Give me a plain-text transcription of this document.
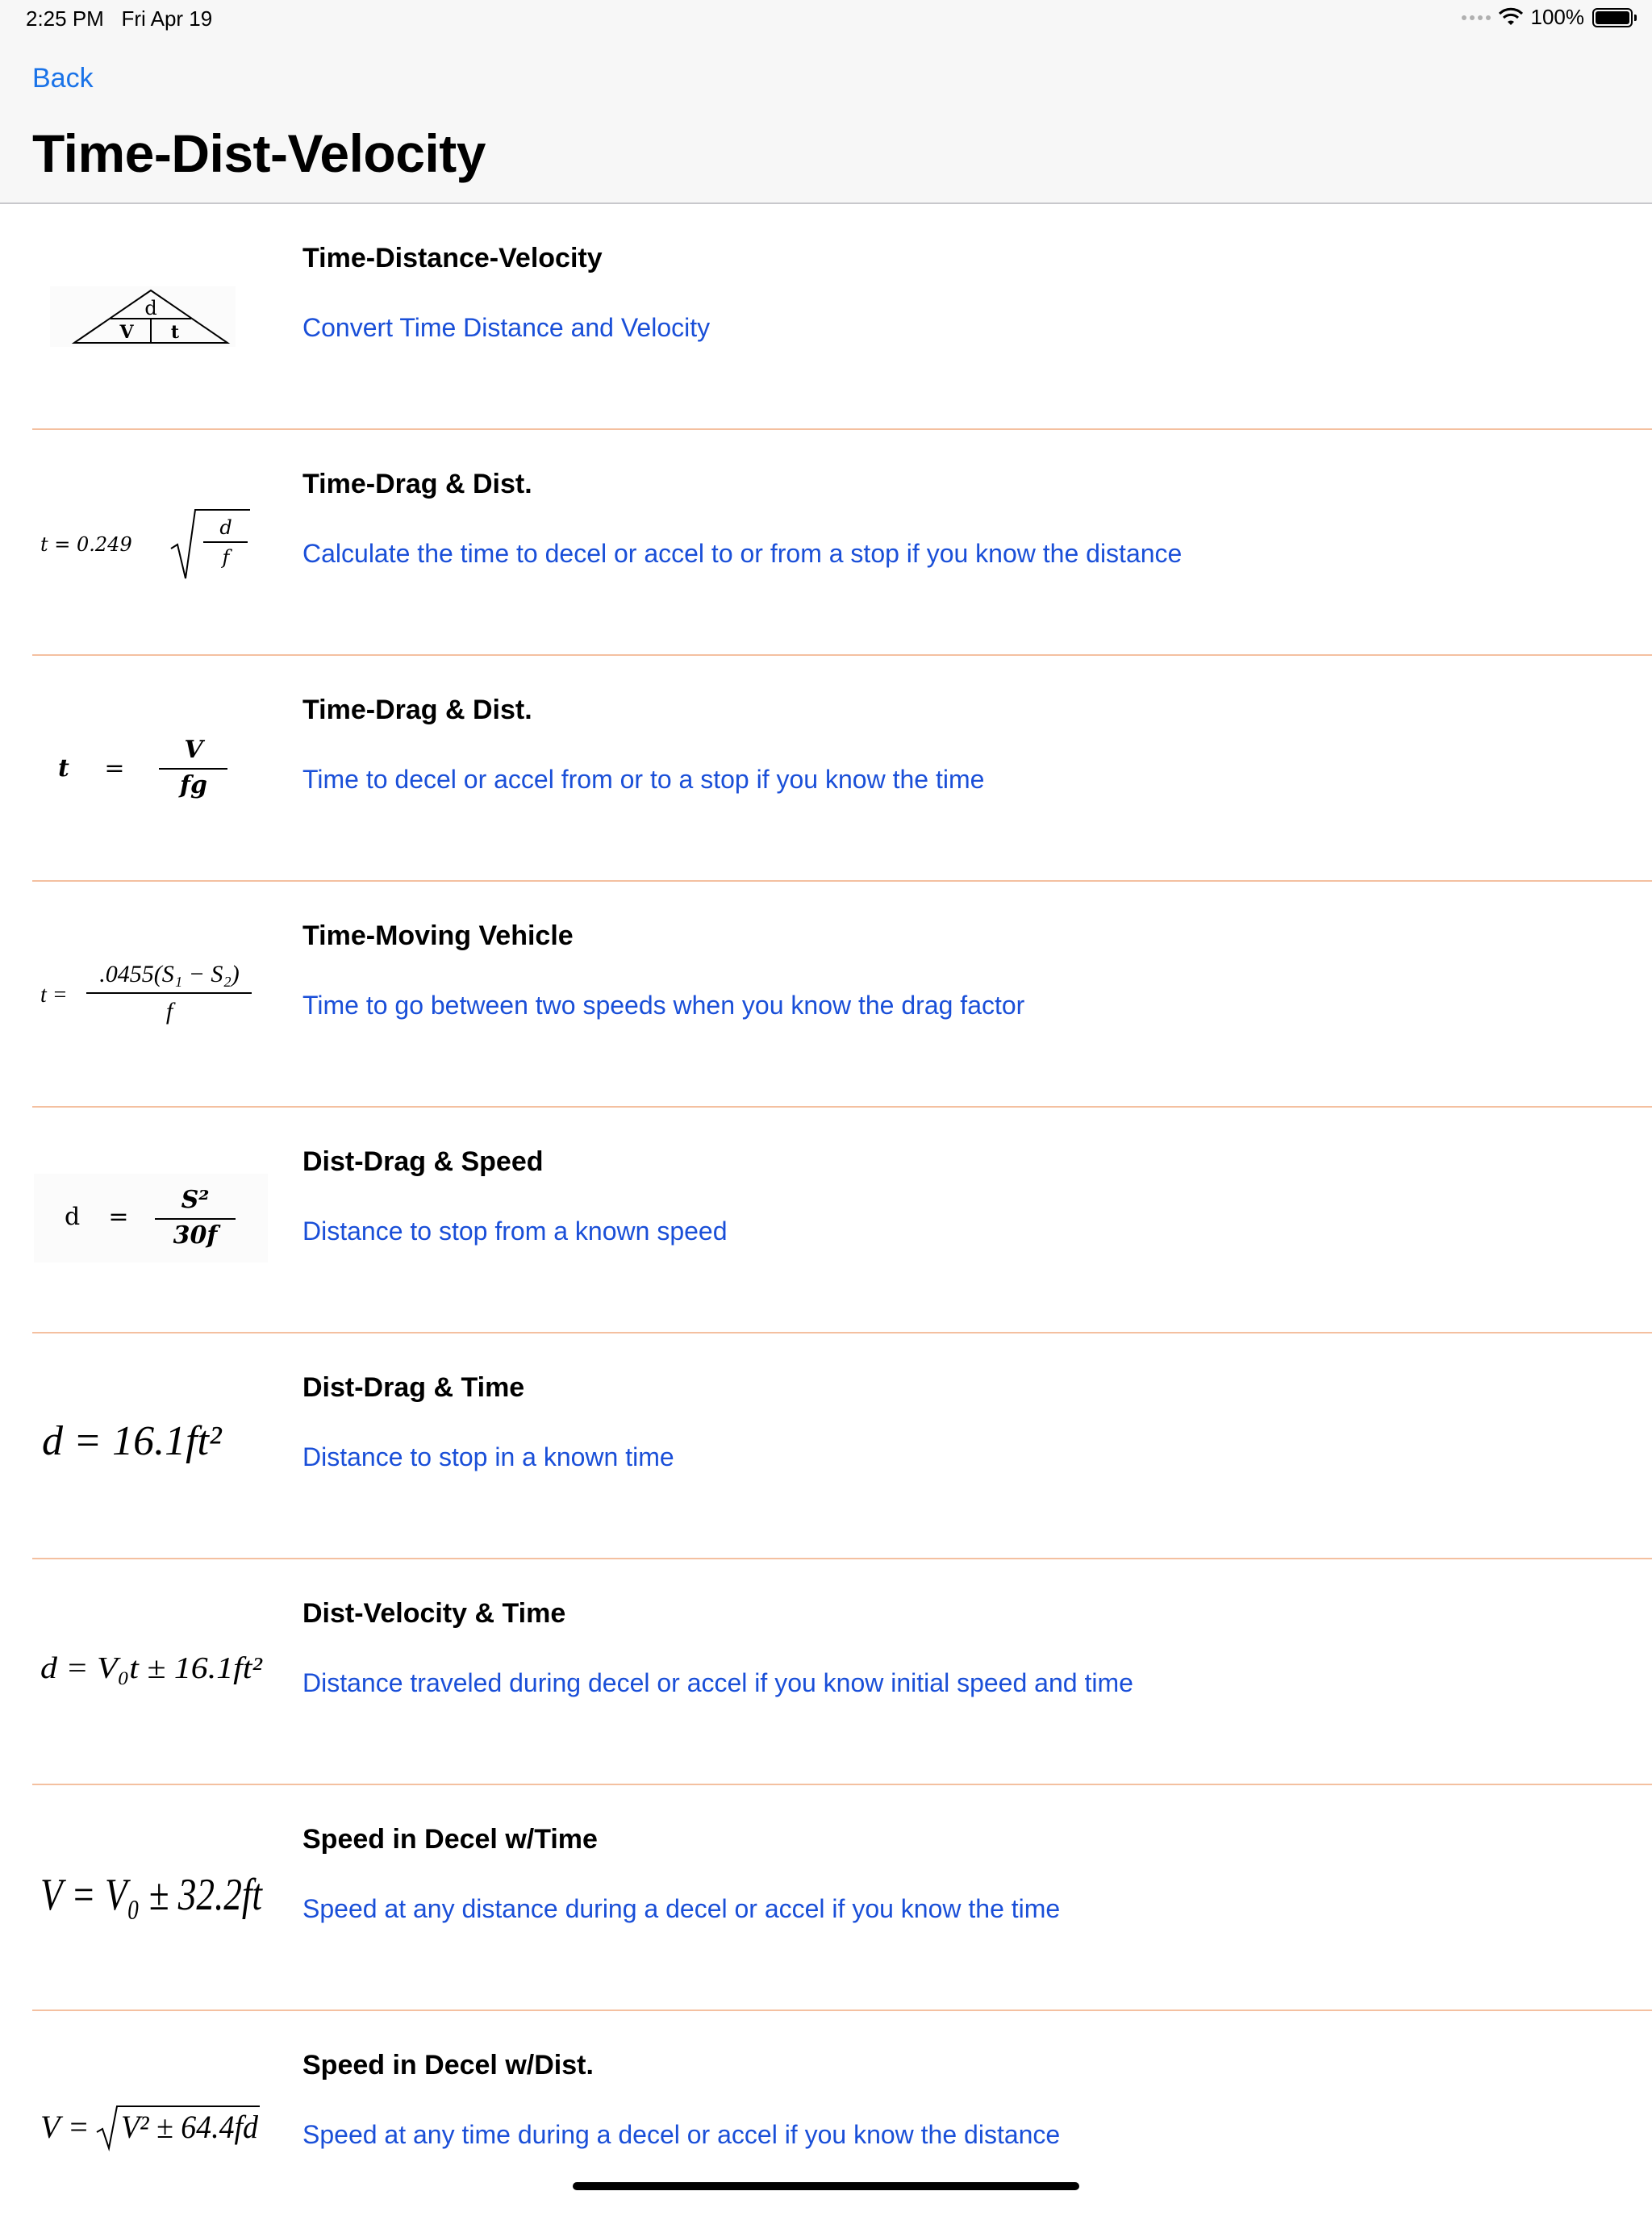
2:25 PM Fri Apr 19	100%
Back
Time-Dist-Velocity
d
V t
Time-Distance-Velocity
Convert Time Distance and Velocity
t = 0.249
d
f
Time-Drag & Dist.
Calculate the time to decel or accel to or from a stop if you know the distance
t =
V
fg
Time-Drag & Dist.
Time to decel or accel from or to a stop if you know the time
t =
.0455(S₁ − S₂)
f
Time-Moving Vehicle
Time to go between two speeds when you know the drag factor
d =
S²
30f
Dist-Drag & Speed
Distance to stop from a known speed
d = 16.1ft²
Dist-Drag & Time
Distance to stop in a known time
d = V₀t ± 16.1ft²
Dist-Velocity & Time
Distance traveled during decel or accel if you know initial speed and time
V = V₀ ± 32.2ft
Speed in Decel w/Time
Speed at any distance during a decel or accel if you know the time
V = V² ± 64.4fd
Speed in Decel w/Dist.
Speed at any time during a decel or accel if you know the distance
